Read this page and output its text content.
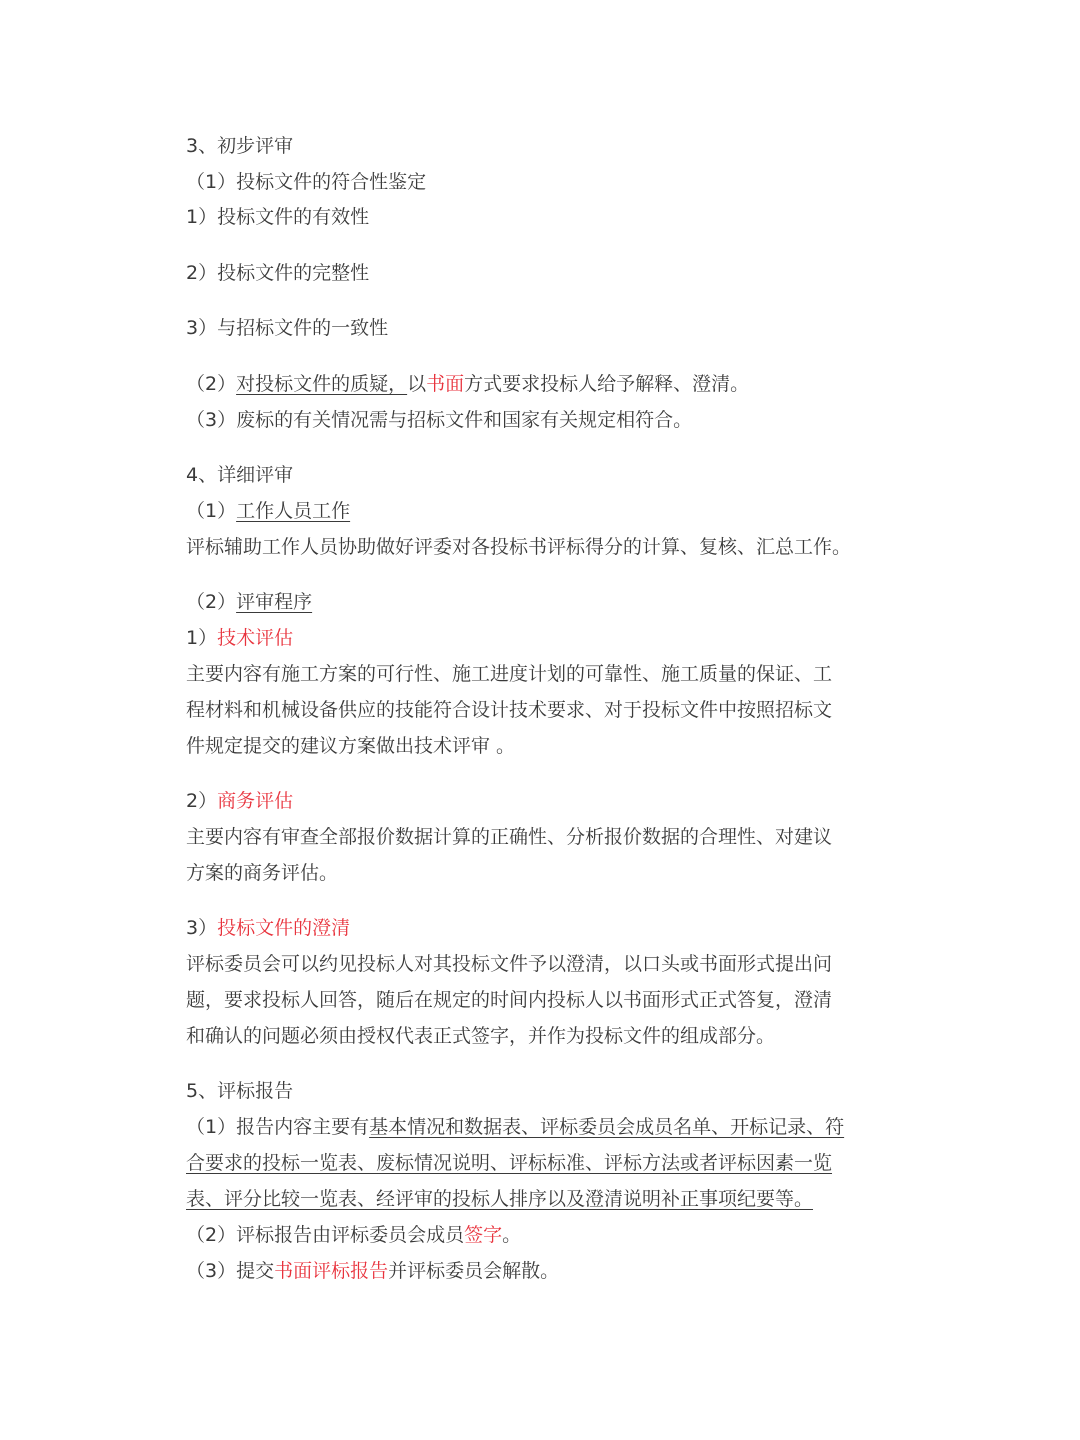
3、初步评审
（1）投标文件的符合性鉴定
1）投标文件的有效性
2）投标文件的完整性
3）与招标文件的一致性
（2）对投标文件的质疑，以书面方式要求投标人给予解释、澄清。
（3）废标的有关情况需与招标文件和国家有关规定相符合。
4、详细评审
（1）工作人员工作
评标辅助工作人员协助做好评委对各投标书评标得分的计算、复核、汇总工作。
（2）评审程序
1）技术评估
主要内容有施工方案的可行性、施工进度计划的可靠性、施工质量的保证、工
程材料和机械设备供应的技能符合设计技术要求、对于投标文件中按照招标文
件规定提交的建议方案做出技术评审 。
2）商务评估
主要内容有审查全部报价数据计算的正确性、分析报价数据的合理性、对建议
方案的商务评估。
3）投标文件的澄清
评标委员会可以约见投标人对其投标文件予以澄清，以口头或书面形式提出问
题，要求投标人回答，随后在规定的时间内投标人以书面形式正式答复，澄清
和确认的问题必须由授权代表正式签字，并作为投标文件的组成部分。
5、评标报告
（1）报告内容主要有基本情况和数据表、评标委员会成员名单、开标记录、符
合要求的投标一览表、废标情况说明、评标标准、评标方法或者评标因素一览
表、评分比较一览表、经评审的投标人排序以及澄清说明补正事项纪要等。
（2）评标报告由评标委员会成员签字。
（3）提交书面评标报告并评标委员会解散。
